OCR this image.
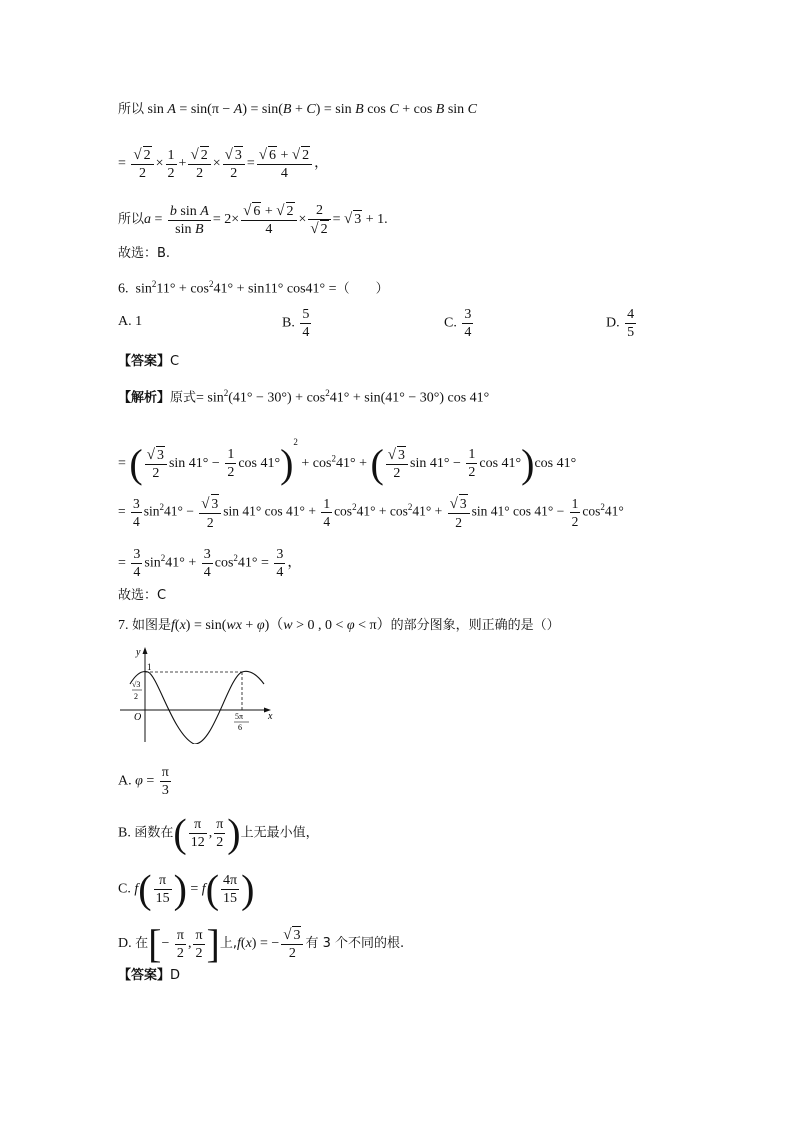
所以 sin A = sin(π − A) = sin(B + C) = sin B cos C + cos B sin C
= $\frac{√ 2}{2} \times \frac{1}{2} + \frac{√ 2}{2} \times \frac{√ 3}{2} = \frac{√ 6 + √ 2}{4}$ ，
所以$a = \frac{\text{b sin A}}{\text{sin B}} = 2\times \frac{√ 6 + √ 2}{4} \times \frac{2}{√ 2}$ = √ 3 + 1.
故选：B.
6.  $\sin^211^\circ + \cos^241^\circ + \sin 11^\circ$ cos41° =（　　）
A. 1	B. $\frac{5}{4}$	C. $\frac{3}{4}$	D. $\frac{4}{5}$
【答案】C
【解析】原式= $\sin^2(41^\circ - 30^\circ) + \cos^241^\circ + \sin(41^\circ - 30^\circ)$ cos 41°
= ( $\frac{√ 3}{2}$ $\sin 41^\circ - \frac{1}{2}$ $\cos 41^\circ)^2 + \cos^241^\circ$ + ( $\frac{√ 3}{2}$ $\sin 41^\circ - \frac{1}{2}$ cos 41°)cos 41°
= $\frac{3}{4} \sin^241^\circ - \frac{√ 3}{2}$ sin 41° $\cos 41^\circ + \frac{1}{4} \cos^241^\circ + \cos^241^\circ + \frac{√ 3}{2}$ sin 41° $\cos 41^\circ - \frac{1}{2} \cos^241^\circ$
= $\frac{3}{4} \sin^241^\circ + \frac{3}{4} \cos^241^\circ = \frac{3}{4}$ ，
故选：C
7. 如图是f(x) = sin(wx + φ)（w > 0 , 0 < φ < π）的部分图象，则正确的是（）
y
x
O
1
√3
2
5π
6
A. $\varphi = \frac{\pi}{3}$
B. 函数在( $\frac{\pi}{12}$ , $\frac{\pi}{2}$ )上无最小值，
C. $f( \frac{\pi}{15}$ ) = $f( \frac{4\pi}{15}$ )
D. 在[− $\frac{\pi}{2}$ , $\frac{\pi}{2}$ ]上,f(x) = − $\frac{√ 3}{2}$ 有 3 个不同的根.
【答案】D
